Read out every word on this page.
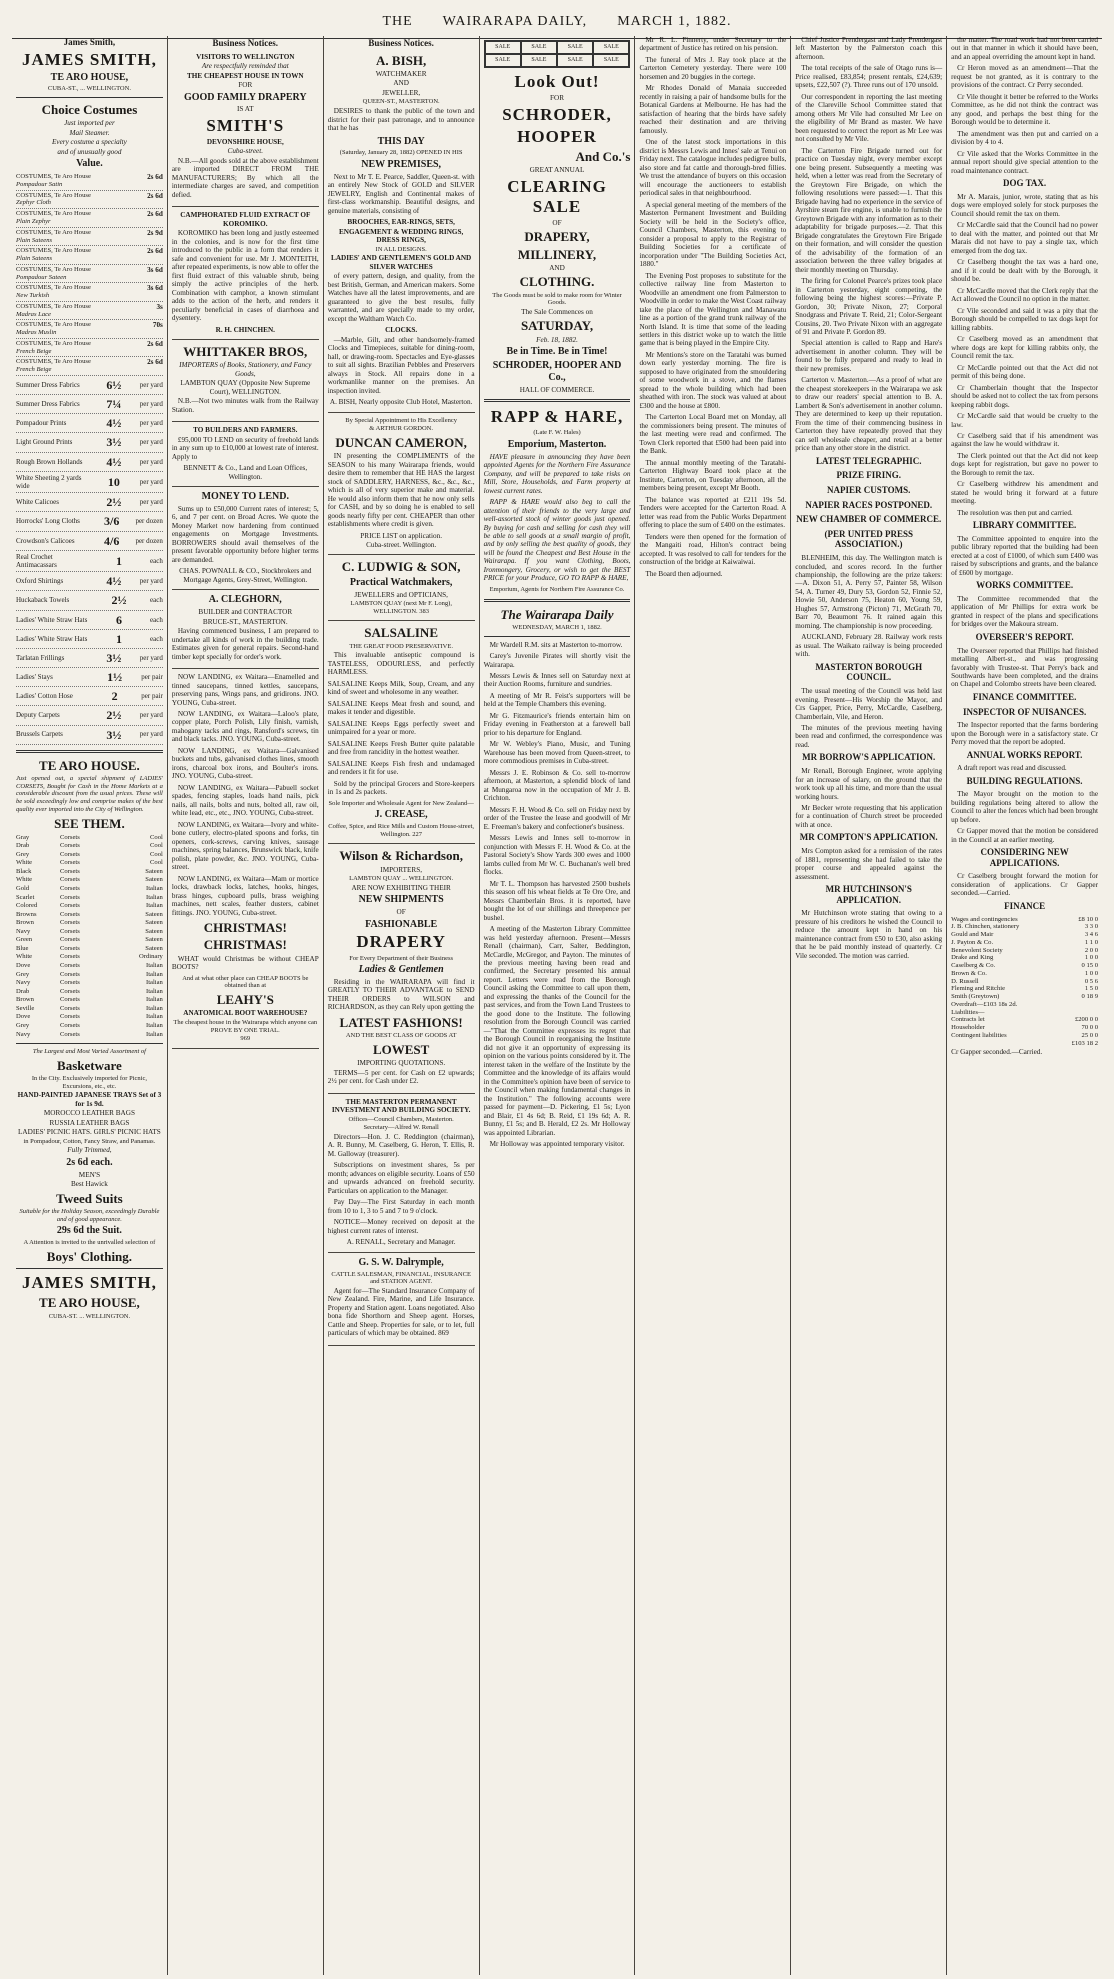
THE WAIRARAPA DAILY, MARCH 1, 1882.
James Smith,
JAMES SMITH,
TE ARO HOUSE,
CUBA-ST., ... WELLINGTON.
Choice Costumes
Just imported per
Mail Steamer.
Every costume a specialty
and of unusually good
Value.
COSTUMES, Te Aro House
Pompadour Satin
2s 6d
COSTUMES, Te Aro House
Zephyr Cloth
2s 6d
COSTUMES, Te Aro House
Plain Zephyr
2s 6d
COSTUMES, Te Aro House
Plain Sateens
2s 9d
COSTUMES, Te Aro House
Plain Sateens
2s 6d
COSTUMES, Te Aro House
Pompadour Sateen
3s 6d
COSTUMES, Te Aro House
New Turkish
3s 6d
COSTUMES, Te Aro House
Madras Lace
3s
COSTUMES, Te Aro House
Madras Muslin
70s
COSTUMES, Te Aro House
French Beige
2s 6d
COSTUMES, Te Aro House
French Beige
2s 6d
Summer Dress Fabrics	6½	per yard
Summer Dress Fabrics	7¼	per yard
Pompadour Prints	4½	per yard
Light Ground Prints	3½	per yard
Rough Brown Hollands	4½	per yard
White Sheeting 2 yards wide	10	per yard
White Calicoes	2½	per yard
Horrocks' Long Cloths	3/6 per dozen
Crowdson's Calicoes	4/6 per dozen
Real Crochet Antimacassars	1	each
Oxford Shirtings	4½	per yard
Huckaback Towels	2½	each
Ladies' White Straw Hats 6	each
Ladies' White Straw Hats 1	each
Tarlatan Frillings	3½	per yard
Ladies' Stays	1½	per pair
Ladies' Cotton Hose	2	per pair
Deputy Carpets	2½	per yard
Brussels Carpets	3½	per yard
TE ARO HOUSE.

Just opened out, a special shipment of LADIES' CORSETS, Bought for Cash in the Home Markets at a considerable discount from the usual prices. These will be sold exceedingly low and comprise makes of the best quality ever imported into the City of Wellington.

SEE THEM.
Gray	Corsets	Cool
Drab	Corsets	Cool
Grey	Corsets	Cool
White	Corsets	Cool
Black	Corsets	Sateen
White	Corsets	Sateen
Gold	Corsets	Italian
Scarlet	Corsets	Italian
Colored	Corsets	Italian
Browns	Corsets	Sateen
Brown	Corsets	Sateen
Navy	Corsets	Sateen
Green	Corsets	Sateen
Blue	Corsets	Sateen
White	Corsets	Ordinary
Dove	Corsets	Italian
Grey	Corsets	Italian
Navy	Corsets	Italian
Drab	Corsets	Italian
Brown	Corsets	Italian
Seville	Corsets	Italian
Dove	Corsets	Italian
Grey	Corsets	Italian
Navy	Corsets	Italian
The Largest and Most Varied Assortment of
Basketware
In the City. Exclusively imported for Picnic, Excursions, etc., etc.
HAND-PAINTED JAPANESE TRAYS Set of 3 for 1s 9d.
MOROCCO LEATHER BAGS
RUSSIA LEATHER BAGS
LADIES' PICNIC HATS. GIRLS' PICNIC HATS
in Pompadour, Cotton, Fancy Straw, and Panamas.
Fully Trimmed,
2s 6d each.
MEN'S
Best Hawick
Tweed Suits
Suitable for the Holiday Season, exceedingly Durable and of good appearance.
29s 6d the Suit.
A Attention is invited to the unrivalled selection of
Boys' Clothing.
JAMES SMITH,
TE ARO HOUSE,
CUBA-ST. ... WELLINGTON.
Business Notices.
VISITORS TO WELLINGTON
Are respectfully reminded that
THE CHEAPEST HOUSE IN TOWN
FOR
GOOD FAMILY DRAPERY
IS AT
SMITH'S
DEVONSHIRE HOUSE,
Cuba-street.

N.B.—All goods sold at the above establishment are imported DIRECT FROM THE MANUFACTURERS; By which all the intermediate charges are saved, and competition defied.

CAMPHORATED FLUID EXTRACT OF KOROMIKO.

KOROMIKO has been long and justly esteemed in the colonies, and is now for the first time introduced to the public in a form that renders it safe and convenient for use. Mr J. MONTEITH, after repeated experiments, is now able to offer the first fluid extract of this valuable shrub, being simply the active principles of the herb. Combination with camphor, a known stimulant adds to the action of the herb, and renders it peculiarly beneficial in cases of diarrhoea and dysentery.

R. H. CHINCHEN.
WHITTAKER BROS,
IMPORTERS of Books, Stationery, and Fancy Goods,
LAMBTON QUAY (Opposite New Supreme Court), WELLINGTON.

N.B.—Not two minutes walk from the Railway Station.

TO BUILDERS AND FARMERS.

£95,000 TO LEND on security of freehold lands in any sum up to £10,000 at lowest rate of interest. Apply to

BENNETT & Co., Land and Loan Offices, Wellington.
MONEY TO LEND.

Sums up to £50,000 Current rates of interest; 5, 6, and 7 per cent. on Broad Acres. We quote the Money Market now hardening from continued engagements on Mortgage Investments. BORROWERS should avail themselves of the present favorable opportunity before higher terms are demanded.

CHAS. POWNALL & CO., Stockbrokers and Mortgage Agents, Grey-Street, Wellington.
A. CLEGHORN,
BUILDER and CONTRACTOR
BRUCE-ST., MASTERTON.

Having commenced business, I am prepared to undertake all kinds of work in the building trade. Estimates given for general repairs. Second-hand timber kept specially for order's work.

NOW LANDING, ex Waitara—Enamelled and tinned saucepans, tinned kettles, saucepans, preserving pans, Wings pans, and gridirons. JNO. YOUNG, Cuba-street.

NOW LANDING, ex Waitara—Laloo's plate, copper plate, Porch Polish, Lily finish, varnish, mahogany tacks and rings, Ransford's screws, tin and black tacks. JNO. YOUNG, Cuba-street.

NOW LANDING, ex Waitara—Galvanised buckets and tubs, galvanised clothes lines, smooth irons, charcoal box irons, and Boulter's irons. JNO. YOUNG, Cuba-street.

NOW LANDING, ex Waitara—Pabuell socket spades, fencing staples, loads hand nails, pick nails, all nails, bolts and nuts, bolted all, raw oil, white lead, etc., etc., JNO. YOUNG, Cuba-street.

NOW LANDING, ex Waitara—Ivory and white-bone cutlery, electro-plated spoons and forks, tin openers, cork-screws, carving knives, sausage machines, spring balances, Brunswick black, knife polish, plate powder, &c. JNO. YOUNG, Cuba-street.

NOW LANDING, ex Waitara—Mam or mortice locks, drawback locks, latches, hooks, hinges, brass hinges, cupboard pulls, brass weighing machines, nett scales, feather dusters, cabinet fittings. JNO. YOUNG, Cuba-street.

CHRISTMAS!
CHRISTMAS!

WHAT would Christmas be without CHEAP BOOTS?

And at what other place can CHEAP BOOTS be obtained than at
LEAHY'S
ANATOMICAL BOOT WAREHOUSE?
The cheapest house in the Wairarapa which anyone can PROVE BY ONE TRIAL.
969
Business Notices.
A. BISH,
WATCHMAKER
AND
JEWELLER,
QUEEN-ST., MASTERTON.

DESIRES to thank the public of the town and district for their past patronage, and to announce that he has

THIS DAY
(Saturday, January 28, 1882) OPENED IN HIS
NEW PREMISES,

Next to Mr T. E. Pearce, Saddler, Queen-st. with an entirely New Stock of GOLD and SILVER JEWELRY, English and Continental makes of first-class workmanship. Beautiful designs, and genuine materials, consisting of

BROOCHES, EAR-RINGS, SETS,
ENGAGEMENT & WEDDING RINGS, DRESS RINGS,
IN ALL DESIGNS.
LADIES' AND GENTLEMEN'S GOLD AND SILVER WATCHES

of every pattern, design, and quality, from the best British, German, and American makers. Some Watches have all the latest improvements, and are guaranteed to give the best results, fully warranted, and are specially made to my order, except the Waltham Watch Co.

CLOCKS.

—Marble, Gilt, and other handsomely-framed Clocks and Timepieces, suitable for dining-room, hall, or drawing-room. Spectacles and Eye-glasses to suit all sights. Brazilian Pebbles and Preservers always in Stock. All repairs done in a workmanlike manner on the premises. An inspection invited.

A. BISH, Nearly opposite Club Hotel, Masterton.
By Special Appointment to His Excellency
& ARTHUR GORDON.
DUNCAN CAMERON,

IN presenting the COMPLIMENTS of the SEASON to his many Wairarapa friends, would desire them to remember that HE HAS the largest stock of SADDLERY, HARNESS, &c., &c., &c., which is all of very superior make and material. He would also inform them that he now only sells for CASH, and by so doing he is enabled to sell goods nearly fifty per cent. CHEAPER than other establishments where credit is given.

PRICE LIST on application.
Cuba-street. Wellington.
C. LUDWIG & SON,
Practical Watchmakers,
JEWELLERS and OPTICIANS,
LAMBTON QUAY (next Mr F. Long), WELLINGTON. 383
SALSALINE
THE GREAT FOOD PRESERVATIVE.

This invaluable antiseptic compound is TASTELESS, ODOURLESS, and perfectly HARMLESS.

SALSALINE Keeps Milk, Soup, Cream, and any kind of sweet and wholesome in any weather.

SALSALINE Keeps Meat fresh and sound, and makes it tender and digestible.

SALSALINE Keeps Eggs perfectly sweet and unimpaired for a year or more.

SALSALINE Keeps Fresh Butter quite palatable and free from rancidity in the hottest weather.

SALSALINE Keeps Fish fresh and undamaged and renders it fit for use.

Sold by the principal Grocers and Store-keepers in 1s and 2s packets.

Sole Importer and Wholesale Agent for New Zealand—
J. CREASE,
Coffee, Spice, and Rice Mills and Custom House-street, Wellington. 227
Wilson & Richardson,
IMPORTERS,
LAMBTON QUAY ... WELLINGTON.
ARE NOW EXHIBITING THEIR
NEW SHIPMENTS
OF
FASHIONABLE
DRAPERY
For Every Department of their Business
Ladies & Gentlemen

Residing in the WAIRARAPA will find it GREATLY TO THEIR ADVANTAGE to SEND THEIR ORDERS to WILSON and RICHARDSON, as they can Rely upon getting the

LATEST FASHIONS!
AND THE BEST CLASS OF GOODS AT
LOWEST
IMPORTING QUOTATIONS.

TERMS—5 per cent. for Cash on £2 upwards; 2½ per cent. for Cash under £2.

THE MASTERTON PERMANENT INVESTMENT AND BUILDING SOCIETY.
Offices—Council Chambers, Masterton.
Secretary—Alfred W. Renall

Directors—Hon. J. C. Reddington (chairman), A. R. Bunny, M. Caselberg, G. Heron, T. Ellis, R. M. Galloway (treasurer).

Subscriptions on investment shares, 5s per month; advances on eligible security. Loans of £50 and upwards advanced on freehold security. Particulars on application to the Manager.

Pay Day—The First Saturday in each month from 10 to 1, 3 to 5 and 7 to 9 o'clock.

NOTICE—Money received on deposit at the highest current rates of interest.

A. RENALL, Secretary and Manager.
G. S. W. Dalrymple,
CATTLE SALESMAN, FINANCIAL, INSURANCE and STATION AGENT.

Agent for—The Standard Insurance Company of New Zealand. Fire, Marine, and Life Insurance. Property and Station agent. Loans negotiated. Also bona fide Shorthorn and Sheep agent. Horses, Cattle and Sheep. Properties for sale, or to let, full particulars of which may be obtained. 869

SALE	SALE	SALE	SALE
SALE	SALE	SALE	SALE
Look Out!
FOR
SCHRODER,
HOOPER
And Co.'s
GREAT ANNUAL
CLEARING SALE
OF
DRAPERY,
MILLINERY,
AND
CLOTHING.
The Goods must be sold to make room for Winter Goods.
The Sale Commences on
SATURDAY,
Feb. 18, 1882.
Be in Time. Be in Time!
SCHRODER, HOOPER AND Co.,
HALL OF COMMERCE.
RAPP & HARE,
(Late F. W. Hales)
Emporium, Masterton.

HAVE pleasure in announcing they have been appointed Agents for the Northern Fire Assurance Company, and will be prepared to take risks on Mill, Store, Households, and Farm property at lowest current rates.

RAPP & HARE would also beg to call the attention of their friends to the very large and well-assorted stock of winter goods just opened. By buying for cash and selling for cash they will be able to sell goods at a small margin of profit, and by only selling the best quality of goods, they will be found the Cheapest and Best House in the Wairarapa. If you want Clothing, Boots, Ironmongery, Grocery, or wish to get the BEST PRICE for your Produce, GO TO RAPP & HARE,

Emporium, Agents for Northern Fire Assurance Co.
The Wairarapa Daily
WEDNESDAY, MARCH 1, 1882.

Mr Wardell R.M. sits at Masterton to-morrow.

Carey's Juvenile Pirates will shortly visit the Wairarapa.

Messrs Lewis & Innes sell on Saturday next at their Auction Rooms, furniture and sundries.

A meeting of Mr R. Feist's supporters will be held at the Temple Chambers this evening.

Mr G. Fitzmaurice's friends entertain him on Friday evening in Featherston at a farewell ball prior to his departure for England.

Mr W. Webley's Piano, Music, and Tuning Warehouse has been moved from Queen-street, to more commodious premises in Cuba-street.

Messrs J. E. Robinson & Co. sell to-morrow afternoon, at Masterton, a splendid block of land at Mungaroa now in the occupation of Mr J. B. Crichton.

Messrs F. H. Wood & Co. sell on Friday next by order of the Trustee the lease and goodwill of Mr E. Freeman's bakery and confectioner's business.

Messrs Lewis and Innes sell to-morrow in conjunction with Messrs F. H. Wood & Co. at the Pastoral Society's Show Yards 300 ewes and 1000 lambs culled from Mr W. C. Buchanan's well bred flocks.

Mr T. L. Thompson has harvested 2500 bushels this season off his wheat fields at Te Ore Ore, and Messrs Chamberlain Bros. it is reported, have bought the lot of our shillings and threepence per bushel.

A meeting of the Masterton Library Committee was held yesterday afternoon. Present—Messrs Renall (chairman), Carr, Salter, Beddington, McCardle, McGregor, and Payton. The minutes of the previous meeting having been read and confirmed, the Secretary presented his annual report. Letters were read from the Borough Council asking the Committee to call upon them, and expressing the thanks of the Council for the past services, and from the Town Land Trustees to the good done to the Institute. The following resolution from the Borough Council was carried—"That the Committee expresses its regret that the Borough Council in reorganising the Institute did not give it an opportunity of expressing its opinion on the various points considered by it. The interest taken in the welfare of the Institute by the Committee and the knowledge of its affairs would in the Committee's opinion have been of service to the Council when making fundamental changes in the Institution." The following accounts were passed for payment—D. Pickering, £1 5s; Lyon and Blair, £1 4s 6d; B. Reid, £1 19s 6d; A. R. Bunny, £1 5s; and B. Herald, £2 2s. Mr Holloway was appointed Librarian.

Mr Holloway was appointed temporary visitor.

Mr R. L. Finnerty, under Secretary to the department of Justice has retired on his pension.

The funeral of Mrs J. Ray took place at the Carterton Cemetery yesterday. There were 100 horsemen and 20 buggies in the cortege.

Mr Rhodes Donald of Manaia succeeded recently in raising a pair of handsome bulls for the Botanical Gardens at Melbourne. He has had the satisfaction of hearing that the birds have safely reached their destination and are thriving famously.

One of the latest stock importations in this district is Messrs Lewis and Innes' sale at Tenui on Friday next. The catalogue includes pedigree bulls, also store and fat cattle and thorough-bred fillies. We trust the attendance of buyers on this occasion will encourage the auctioneers to establish periodical sales in that neighbourhood.

A special general meeting of the members of the Masterton Permanent Investment and Building Society will be held in the Society's office, Council Chambers, Masterton, this evening to consider a proposal to apply to the Registrar of Building Societies for a certificate of incorporation under "The Building Societies Act, 1880."

The Evening Post proposes to substitute for the collective railway line from Masterton to Woodville an amendment one from Palmerston to Woodville in order to make the West Coast railway take the place of the Wellington and Manawatu line as a portion of the grand trunk railway of the North Island. It is time that some of the leading settlers in this district woke up to watch the little game that is being played in the Empire City.

Mr Mentions's store on the Taratahi was burned down early yesterday morning. The fire is supposed to have originated from the smouldering of some woodwork in a stove, and the flames spread to the whole building which had been sheathed with iron. The stock was valued at about £300 and the house at £800.

The Carterton Local Board met on Monday, all the commissioners being present. The minutes of the last meeting were read and confirmed. The Town Clerk reported that £500 had been paid into the Bank.

The annual monthly meeting of the Taratahi-Carterton Highway Board took place at the Institute, Carterton, on Tuesday afternoon, all the members being present, except Mr Booth.

The balance was reported at £211 19s 5d. Tenders were accepted for the Carterton Road. A letter was read from the Public Works Department offering to place the sum of £400 on the estimates.

Tenders were then opened for the formation of the Mangaiti road, Hilton's contract being accepted. It was resolved to call for tenders for the construction of the bridge at Kaiwaiwai.

The Board then adjourned.

Chief Justice Prendergast and Lady Prendergast left Masterton by the Palmerston coach this afternoon.

The total receipts of the sale of Otago runs is—Price realised, £83,854; present rentals, £24,639; upsets, £22,507 (?). Three runs out of 170 unsold.

Our correspondent in reporting the last meeting of the Clareville School Committee stated that among others Mr Vile had consulted Mr Lee on the eligibility of Mr Brand as master. We have been requested to correct the report as Mr Lee was not consulted by Mr Vile.

The Carterton Fire Brigade turned out for practice on Tuesday night, every member except one being present. Subsequently a meeting was held, when a letter was read from the Secretary of the Greytown Fire Brigade, on which the following resolutions were passed:—1. That this Brigade having had no experience in the service of Ayrshire steam fire engine, is unable to furnish the Greytown Brigade with any information as to their adaptability for brigade purposes.—2. That this Brigade congratulates the Greytown Fire Brigade on their formation, and will consider the question of the advisability of the formation of an association between the three valley brigades at their monthly meeting on Thursday.

The firing for Colonel Pearce's prizes took place in Carterton yesterday, eight competing, the following being the highest scores:—Private P. Gordon, 30; Private Nixon, 27; Corporal Snodgrass and Private T. Reid, 21; Color-Sergeant Cousins, 20. Two Private Nixon with an aggregate of 91 and Private P. Gordon 89.

Special attention is called to Rapp and Hare's advertisement in another column. They will be found to be fully prepared and ready to lead in their new premises.

Carterton v. Masterton.—As a proof of what are the cheapest storekeepers in the Wairarapa we ask to draw our readers' special attention to B. A. Lambert & Son's advertisement in another column. They are determined to keep up their reputation. From the time of their commencing business in Carterton they have repeatedly proved that they can sell wholesale cheaper, and retail at a better price than any other store in the district.

LATEST TELEGRAPHIC.
PRIZE FIRING.
NAPIER CUSTOMS.
NAPIER RACES POSTPONED.
NEW CHAMBER OF COMMERCE.
(PER UNITED PRESS ASSOCIATION.)

BLENHEIM, this day. The Wellington match is concluded, and scores record. In the further championship, the following are the prize takers:—A. Dixon 51, A. Perry 57, Painter 58, Wilson 54, A. Turner 49, Dury 53, Gordon 52, Finnie 52, Howie 50, Anderson 75, Heaton 60, Young 59, Hughes 57, Armstrong (Picton) 71, McGrath 70, Barr 70, Beaumont 76. It rained again this morning. The championship is now proceeding.

AUCKLAND, February 28. Railway work rests as usual. The Waikato railway is being proceeded with.

MASTERTON BOROUGH COUNCIL.

The usual meeting of the Council was held last evening. Present—His Worship the Mayor, and Crs Gapper, Price, Perry, McCardle, Caselberg, Chamberlain, Vile, and Heron.

The minutes of the previous meeting having been read and confirmed, the correspondence was read.

MR BORROW'S APPLICATION.

Mr Renall, Borough Engineer, wrote applying for an increase of salary, on the ground that the work took up all his time, and more than the usual working hours.

Mr Becker wrote requesting that his application for a continuation of Church street be proceeded with at once.

MR COMPTON'S APPLICATION.

Mrs Compton asked for a remission of the rates of 1881, representing she had failed to take the proper course and appealed against the assessment.

MR HUTCHINSON'S APPLICATION.

Mr Hutchinson wrote stating that owing to a pressure of his creditors he wished the Council to reduce the amount kept in hand on his maintenance contract from £50 to £30, also asking that he be paid monthly instead of quarterly. Cr Vile seconded. The motion was carried.

the matter. The road work had not been carried out in that manner in which it should have been, and an appeal overriding the amount kept in hand.

Cr Heron moved as an amendment—That the request be not granted, as it is contrary to the provisions of the contract. Cr Perry seconded.

Cr Vile thought it better be referred to the Works Committee, as he did not think the contract was any good, and perhaps the best thing for the Borough would be to determine it.

The amendment was then put and carried on a division by 4 to 4.

Cr Vile asked that the Works Committee in the annual report should give special attention to the road maintenance contract.

DOG TAX.

Mr A. Marais, junior, wrote, stating that as his dogs were employed solely for stock purposes the Council should remit the tax on them.

Cr McCardle said that the Council had no power to deal with the matter, and pointed out that Mr Marais did not have to pay a single tax, which emerged from the dog tax.

Cr Caselberg thought the tax was a hard one, and if it could be dealt with by the Borough, it should be.

Cr McCardle moved that the Clerk reply that the Act allowed the Council no option in the matter.

Cr Vile seconded and said it was a pity that the Borough should be compelled to tax dogs kept for killing rabbits.

Cr Caselberg moved as an amendment that where dogs are kept for killing rabbits only, the Council remit the tax.

Cr McCardle pointed out that the Act did not permit of this being done.

Cr Chamberlain thought that the Inspector should be asked not to collect the tax from persons keeping rabbit dogs.

Cr McCardle said that would be cruelty to the law.

Cr Caselberg said that if his amendment was against the law he would withdraw it.

The Clerk pointed out that the Act did not keep dogs kept for registration, but gave no power to the Borough to remit the tax.

Cr Caselberg withdrew his amendment and stated he would bring it forward at a future meeting.

The resolution was then put and carried.

LIBRARY COMMITTEE.

The Committee appointed to enquire into the public library reported that the building had been erected at a cost of £1000, of which sum £400 was raised by subscriptions and grants, and the balance of £600 by mortgage.

WORKS COMMITTEE.

The Committee recommended that the application of Mr Phillips for extra work be granted in respect of the plans and specifications for bridges over the Makoura stream.

OVERSEER'S REPORT.

The Overseer reported that Phillips had finished metalling Albert-st., and was progressing favorably with Trustee-st. That Perry's back and Southwards have been completed, and the drains on Chapel and Colombo streets have been cleared.

FINANCE COMMITTEE.
INSPECTOR OF NUISANCES.

The Inspector reported that the farms bordering upon the Borough were in a satisfactory state. Cr Perry moved that the report be adopted.

ANNUAL WORKS REPORT.

A draft report was read and discussed.

BUILDING REGULATIONS.

The Mayor brought on the motion to the building regulations being altered to allow the Council to alter the fences which had been brought up before.

Cr Gapper moved that the motion be considered in the Council at an earlier meeting.

CONSIDERING NEW APPLICATIONS.

Cr Caselberg brought forward the motion for consideration of applications. Cr Gapper seconded.—Carried.

FINANCE
Wages and contingencies	£8 10 0
J. B. Chinchen, stationery	3 3 0
Gould and Mair	3 4 6
J. Payton & Co.	1 1 0
Benevolent Society	2 0 0
Drake and King	1 0 0
Caselberg & Co.	0 15 0
Brown & Co.	1 0 0
D. Russell	0 5 6
Fleming and Ritchie	1 5 0
Smith (Greytown)	0 18 9
Overdraft—£103 18s 2d.
Liabilities—
Contracts let	£200 0 0
Householder	70 0 0
Contingent liabilities	25 0 0
£103 18 2

Cr Gapper seconded.—Carried.
